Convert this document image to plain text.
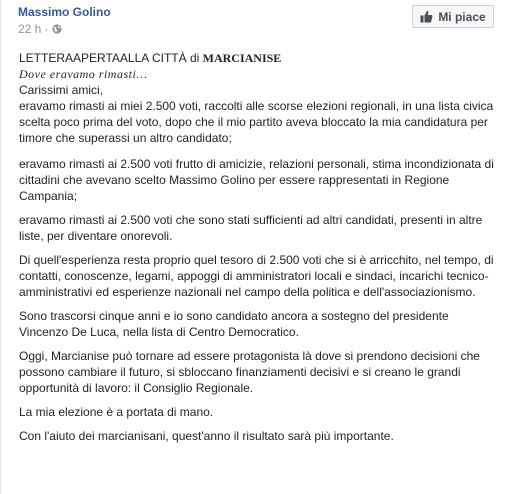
Massimo Golino
22 h ·
Mi piace
LETTERAAPERTAALLA CITTÀ di MARCIANISE
Dove eravamo rimasti…
Carissimi amici,

eravamo rimasti ai miei 2.500 voti, raccolti alle scorse elezioni regionali, in una lista civica scelta poco prima del voto, dopo che il mio partito aveva bloccato la mia candidatura per timore che superassi un altro candidato;

eravamo rimasti ai 2.500 voti frutto di amicizie, relazioni personali, stima incondizionata di cittadini che avevano scelto Massimo Golino per essere rappresentati in Regione Campania;

eravamo rimasti ai 2.500 voti che sono stati sufficienti ad altri candidati, presenti in altre liste, per diventare onorevoli.

Di quell'esperienza resta proprio quel tesoro di 2.500 voti che si è arricchito, nel tempo, di contatti, conoscenze, legami, appoggi di amministratori locali e sindaci, incarichi tecnico-amministrativi ed esperienze nazionali nel campo della politica e dell'associazionismo.

Sono trascorsi cinque anni e io sono candidato ancora a sostegno del presidente Vincenzo De Luca, nella lista di Centro Democratico.

Oggi, Marcianise può tornare ad essere protagonista là dove si prendono decisioni che possono cambiare il futuro, si sbloccano finanziamenti decisivi e si creano le grandi opportunità di lavoro: il Consiglio Regionale.

La mia elezione è a portata di mano.

Con l'aiuto dei marcianisani, quest'anno il risultato sarà più importante.
